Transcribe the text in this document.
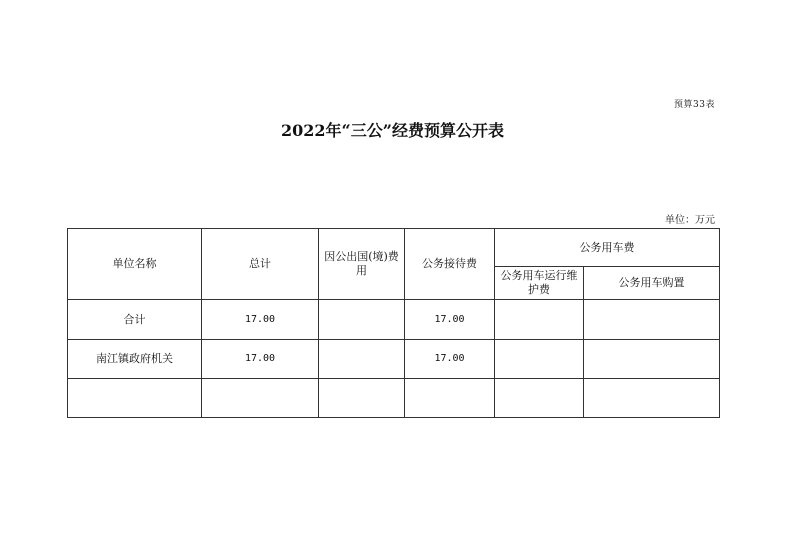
预算33表
2022年“三公”经费预算公开表
单位：万元
单位名称	总计	因公出国(境)费用	公务接待费	公务用车费	
				公务用车运行维护费	公务用车购置
合计	17.00		17.00		
南江镇政府机关	17.00		17.00		
